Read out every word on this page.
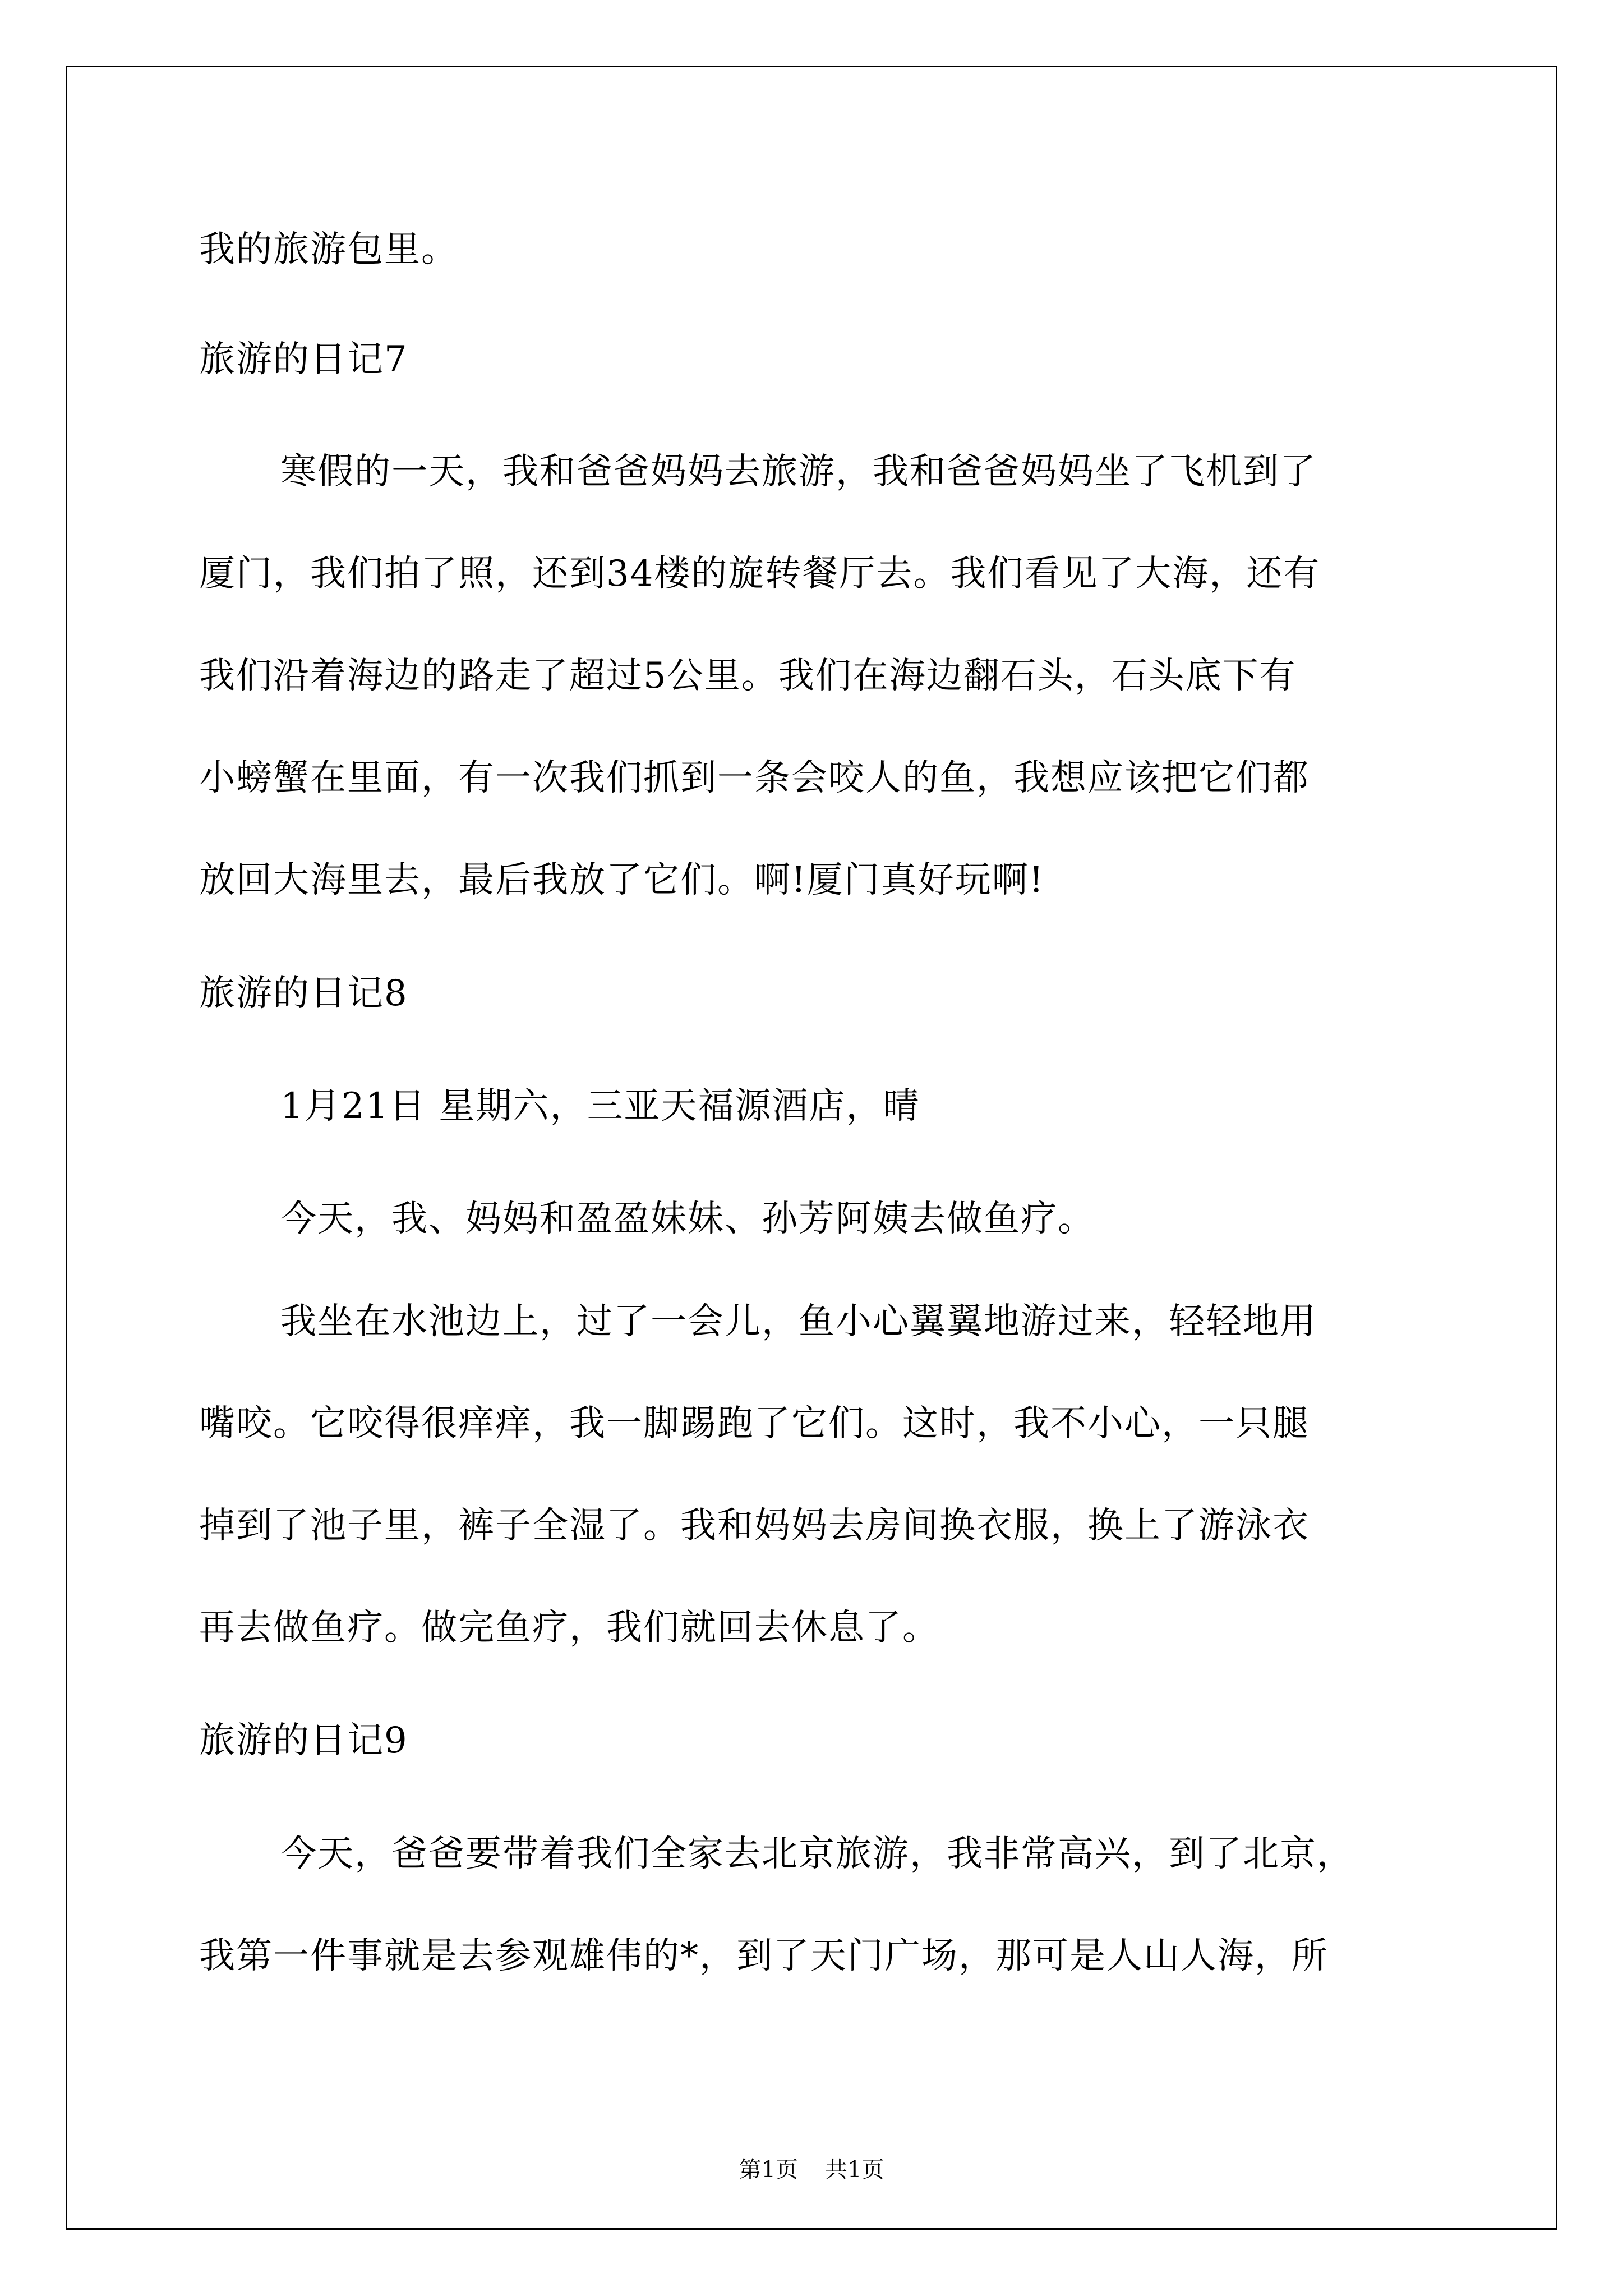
我的旅游包里。
旅游的日记7
寒假的一天，我和爸爸妈妈去旅游，我和爸爸妈妈坐了飞机到了
厦门，我们拍了照，还到34楼的旋转餐厅去。我们看见了大海，还有
我们沿着海边的路走了超过5公里。我们在海边翻石头，石头底下有
小螃蟹在里面，有一次我们抓到一条会咬人的鱼，我想应该把它们都
放回大海里去，最后我放了它们。啊!厦门真好玩啊!
旅游的日记8
1月21日 星期六，三亚天福源酒店，晴
今天，我、妈妈和盈盈妹妹、孙芳阿姨去做鱼疗。
我坐在水池边上，过了一会儿，鱼小心翼翼地游过来，轻轻地用
嘴咬。它咬得很痒痒，我一脚踢跑了它们。这时，我不小心，一只腿
掉到了池子里，裤子全湿了。我和妈妈去房间换衣服，换上了游泳衣
再去做鱼疗。做完鱼疗，我们就回去休息了。
旅游的日记9
今天，爸爸要带着我们全家去北京旅游，我非常高兴，到了北京，
我第一件事就是去参观雄伟的*，到了天门广场，那可是人山人海，所
第1页 共1页
